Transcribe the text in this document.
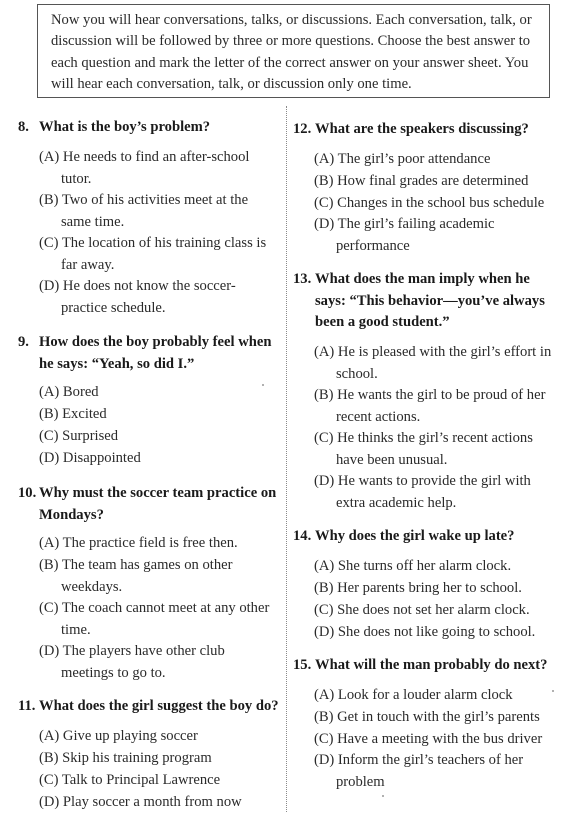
Now you will hear conversations, talks, or discussions. Each conversation, talk, or discussion will be followed by three or more questions. Choose the best answer to each question and mark the letter of the correct answer on your answer sheet. You will hear each conversation, talk, or discussion only one time.
8. What is the boy’s problem?
(A) He needs to find an after-school tutor.
(B) Two of his activities meet at the same time.
(C) The location of his training class is far away.
(D) He does not know the soccer-practice schedule.
9. How does the boy probably feel when he says: “Yeah, so did I.”
(A) Bored
(B) Excited
(C) Surprised
(D) Disappointed
10. Why must the soccer team practice on Mondays?
(A) The practice field is free then.
(B) The team has games on other weekdays.
(C) The coach cannot meet at any other time.
(D) The players have other club meetings to go to.
11. What does the girl suggest the boy do?
(A) Give up playing soccer
(B) Skip his training program
(C) Talk to Principal Lawrence
(D) Play soccer a month from now
12. What are the speakers discussing?
(A) The girl’s poor attendance
(B) How final grades are determined
(C) Changes in the school bus schedule
(D) The girl’s failing academic performance
13. What does the man imply when he says: “This behavior—you’ve always been a good student.”
(A) He is pleased with the girl’s effort in school.
(B) He wants the girl to be proud of her recent actions.
(C) He thinks the girl’s recent actions have been unusual.
(D) He wants to provide the girl with extra academic help.
14. Why does the girl wake up late?
(A) She turns off her alarm clock.
(B) Her parents bring her to school.
(C) She does not set her alarm clock.
(D) She does not like going to school.
15. What will the man probably do next?
(A) Look for a louder alarm clock
(B) Get in touch with the girl’s parents
(C) Have a meeting with the bus driver
(D) Inform the girl’s teachers of her problem
